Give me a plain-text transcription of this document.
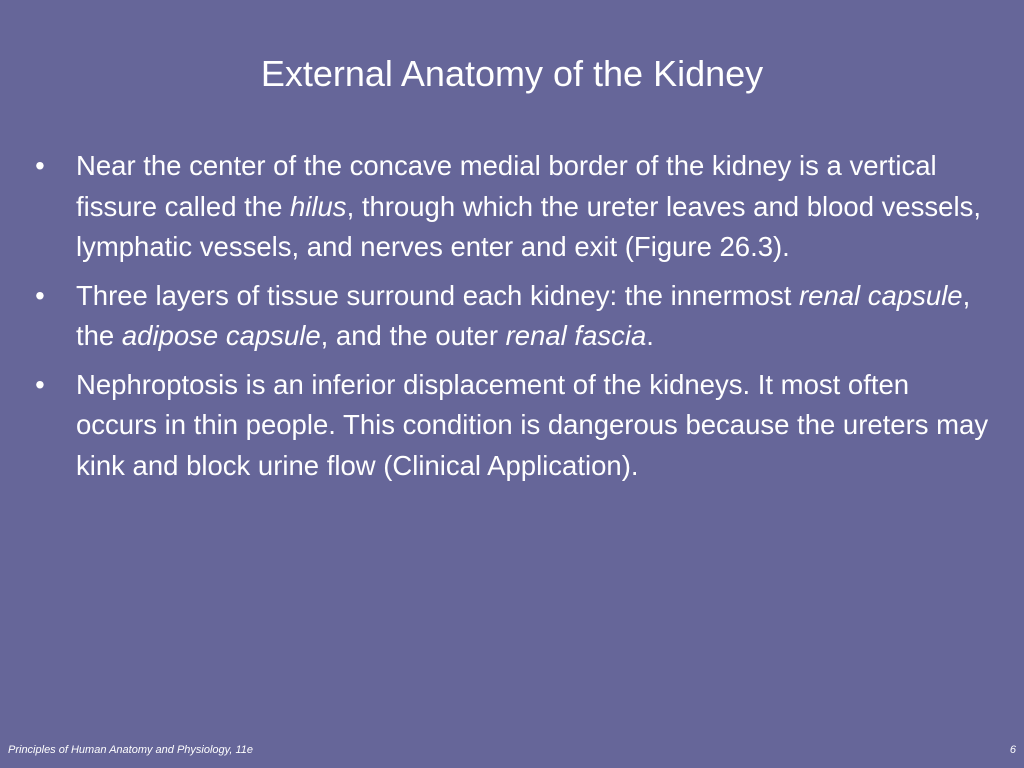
External Anatomy of the Kidney
• Near the center of the concave medial border of the kidney is a vertical fissure called the hilus, through which the ureter leaves and blood vessels, lymphatic vessels, and nerves enter and exit (Figure 26.3).
• Three layers of tissue surround each kidney: the innermost renal capsule, the adipose capsule, and the outer renal fascia.
• Nephroptosis is an inferior displacement of the kidneys. It most often occurs in thin people. This condition is dangerous because the ureters may kink and block urine flow (Clinical Application).
Principles of Human Anatomy and Physiology, 11e	6
